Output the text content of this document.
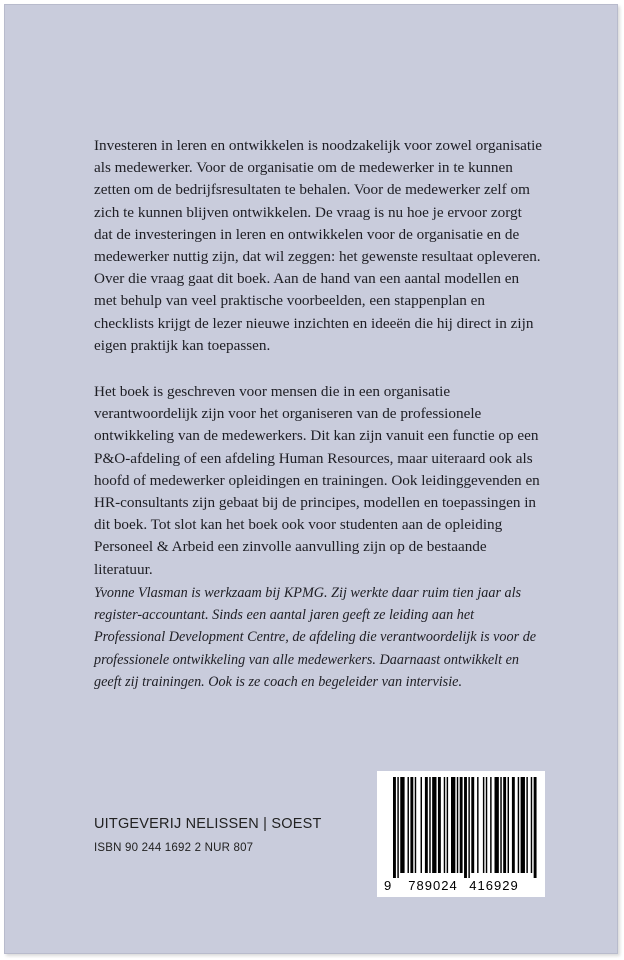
Investeren in leren en ontwikkelen is noodzakelijk voor zowel organisatie als medewerker. Voor de organisatie om de medewerker in te kunnen zetten om de bedrijfsresultaten te behalen. Voor de medewerker zelf om zich te kunnen blijven ontwikkelen. De vraag is nu hoe je ervoor zorgt dat de investeringen in leren en ontwikkelen voor de organisatie en de medewerker nuttig zijn, dat wil zeggen: het gewenste resultaat opleveren. Over die vraag gaat dit boek. Aan de hand van een aantal modellen en met behulp van veel praktische voorbeelden, een stappenplan en checklists krijgt de lezer nieuwe inzichten en ideeën die hij direct in zijn eigen praktijk kan toepassen.

Het boek is geschreven voor mensen die in een organisatie verantwoordelijk zijn voor het organiseren van de professionele ontwikkeling van de medewerkers. Dit kan zijn vanuit een functie op een P&O-afdeling of een afdeling Human Resources, maar uiteraard ook als hoofd of medewerker opleidingen en trainingen. Ook leidinggevenden en HR-consultants zijn gebaat bij de principes, modellen en toepassingen in dit boek. Tot slot kan het boek ook voor studenten aan de opleiding Personeel & Arbeid een zinvolle aanvulling zijn op de bestaande literatuur.

Yvonne Vlasman is werkzaam bij KPMG. Zij werkte daar ruim tien jaar als register-accountant. Sinds een aantal jaren geeft ze leiding aan het Professional Development Centre, de afdeling die verantwoordelijk is voor de professionele ontwikkeling van alle medewerkers. Daarnaast ontwikkelt en geeft zij trainingen. Ook is ze coach en begeleider van intervisie.

UITGEVERIJ NELISSEN | SOEST
ISBN 90 244 1692 2 NUR 807
9 789024 416929
